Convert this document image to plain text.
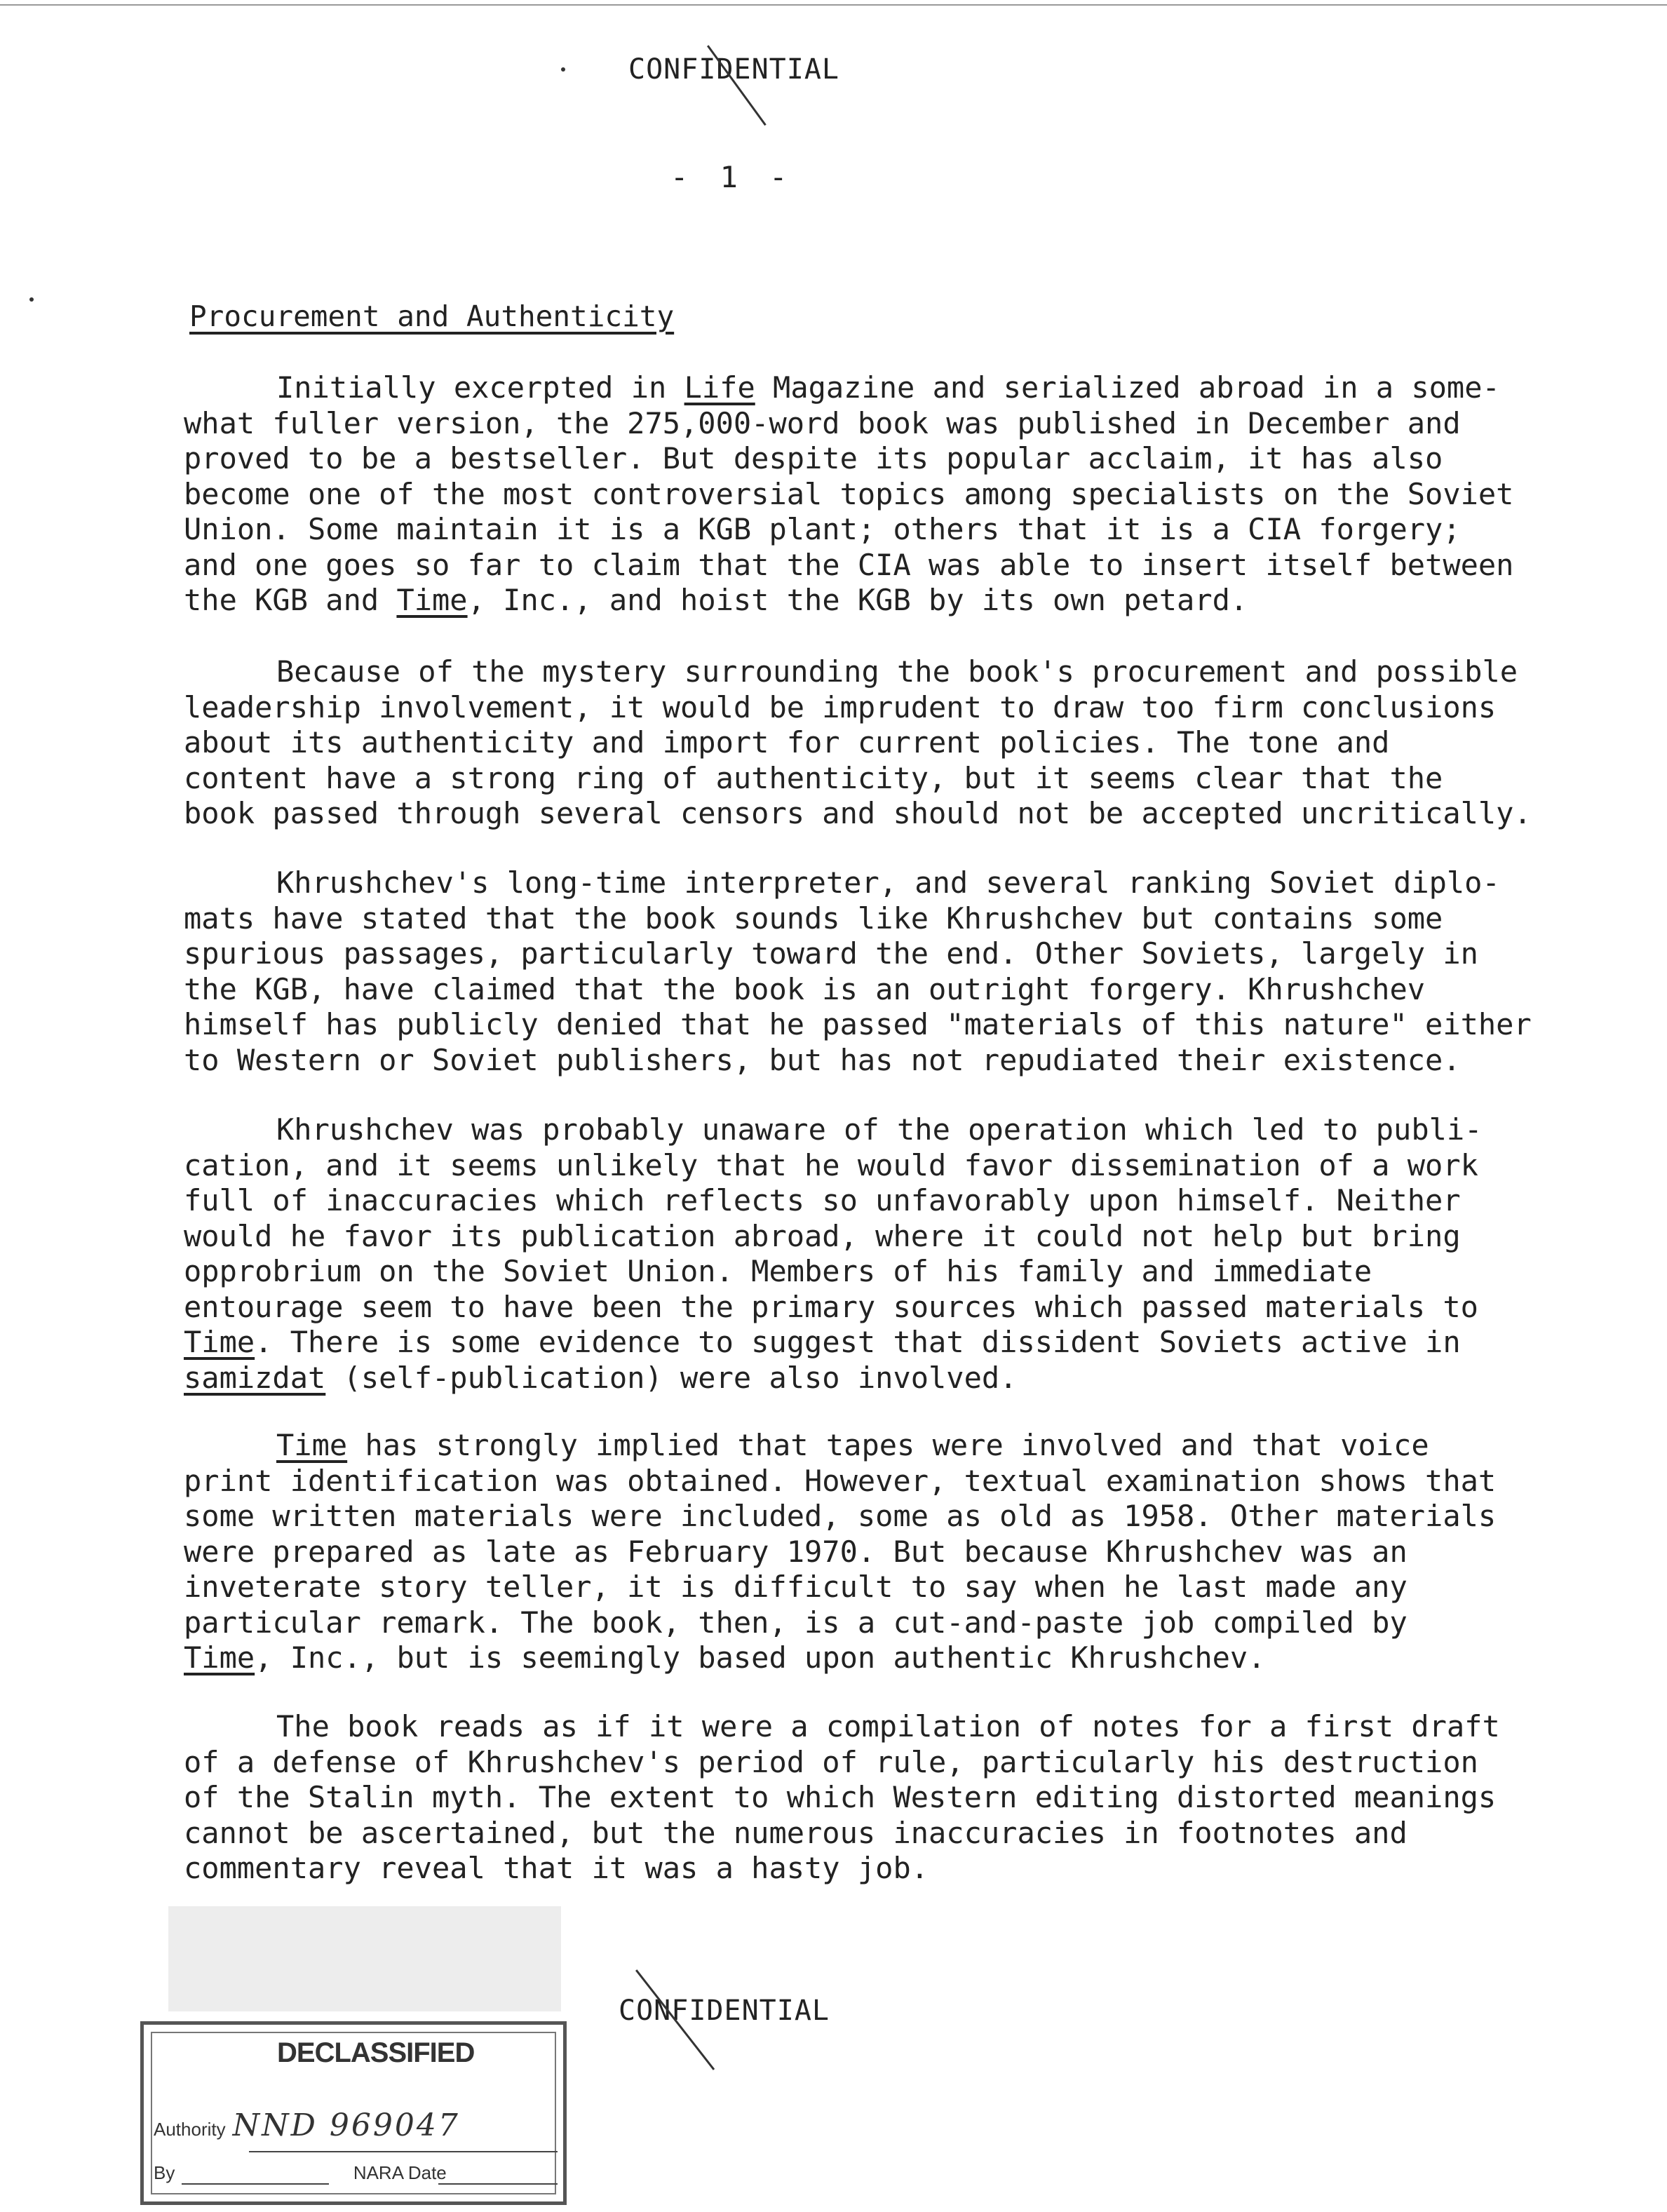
CONFIDENTIAL
- 1 -
Procurement and Authenticity
Initially excerpted in Life Magazine and serialized abroad in a some-
what fuller version, the 275,000-word book was published in December and
proved to be a bestseller. But despite its popular acclaim, it has also
become one of the most controversial topics among specialists on the Soviet
Union. Some maintain it is a KGB plant; others that it is a CIA forgery;
and one goes so far to claim that the CIA was able to insert itself between
the KGB and Time, Inc., and hoist the KGB by its own petard.
Because of the mystery surrounding the book's procurement and possible
leadership involvement, it would be imprudent to draw too firm conclusions
about its authenticity and import for current policies. The tone and
content have a strong ring of authenticity, but it seems clear that the
book passed through several censors and should not be accepted uncritically.
Khrushchev's long-time interpreter, and several ranking Soviet diplo-
mats have stated that the book sounds like Khrushchev but contains some
spurious passages, particularly toward the end. Other Soviets, largely in
the KGB, have claimed that the book is an outright forgery. Khrushchev
himself has publicly denied that he passed "materials of this nature" either
to Western or Soviet publishers, but has not repudiated their existence.
Khrushchev was probably unaware of the operation which led to publi-
cation, and it seems unlikely that he would favor dissemination of a work
full of inaccuracies which reflects so unfavorably upon himself. Neither
would he favor its publication abroad, where it could not help but bring
opprobrium on the Soviet Union. Members of his family and immediate
entourage seem to have been the primary sources which passed materials to
Time. There is some evidence to suggest that dissident Soviets active in
samizdat (self-publication) were also involved.
Time has strongly implied that tapes were involved and that voice
print identification was obtained. However, textual examination shows that
some written materials were included, some as old as 1958. Other materials
were prepared as late as February 1970. But because Khrushchev was an
inveterate story teller, it is difficult to say when he last made any
particular remark. The book, then, is a cut-and-paste job compiled by
Time, Inc., but is seemingly based upon authentic Khrushchev.
The book reads as if it were a compilation of notes for a first draft
of a defense of Khrushchev's period of rule, particularly his destruction
of the Stalin myth. The extent to which Western editing distorted meanings
cannot be ascertained, but the numerous inaccuracies in footnotes and
commentary reveal that it was a hasty job.
CONFIDENTIAL
DECLASSIFIED
Authority NND 969047
By	NARA Date
